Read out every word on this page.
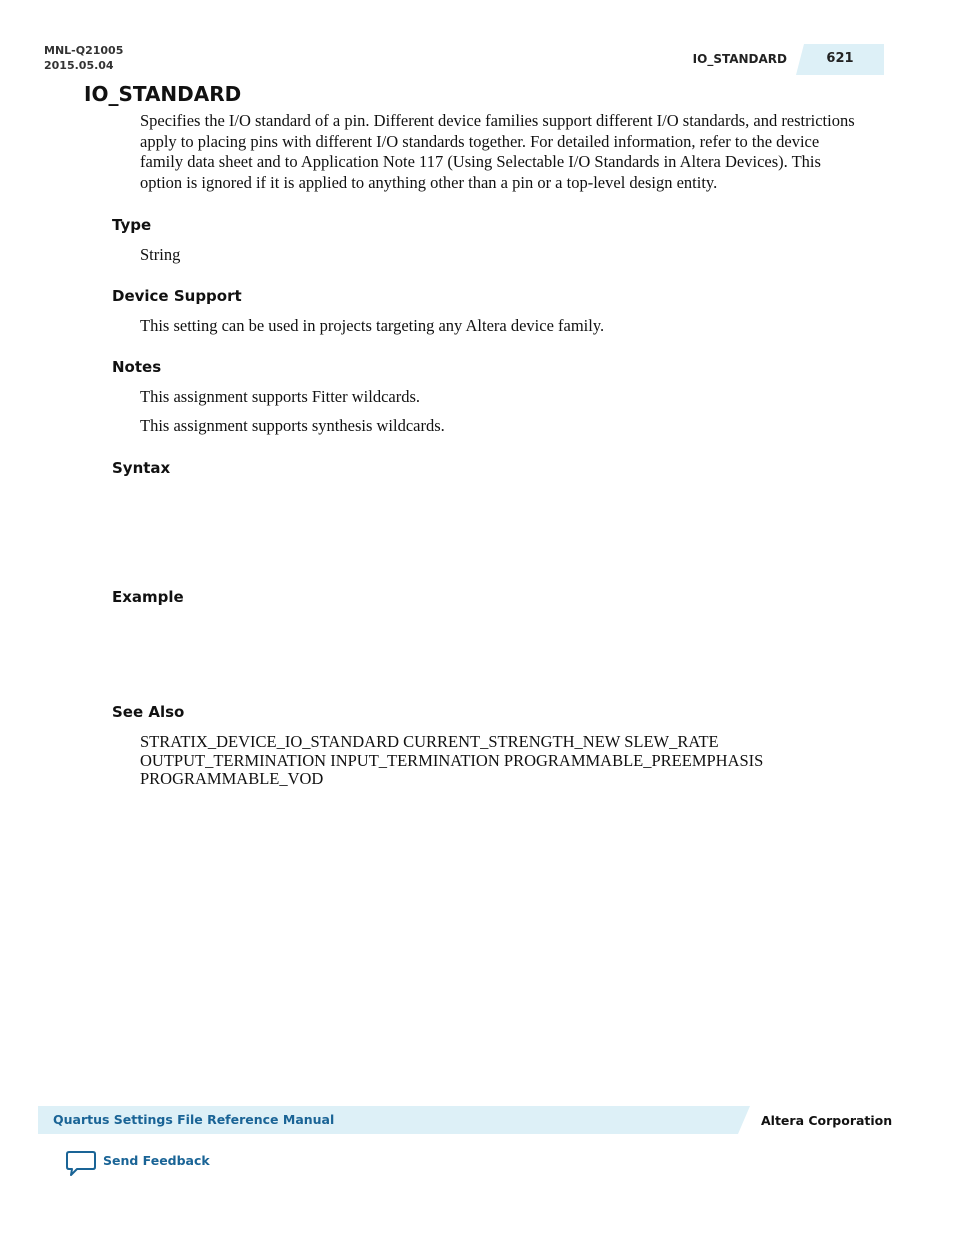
MNL-Q21005
2015.05.04	IO_STANDARD	621
IO_STANDARD

Specifies the I/O standard of a pin. Different device families support different I/O standards, and restrictions apply to placing pins with different I/O standards together. For detailed information, refer to the device family data sheet and to Application Note 117 (Using Selectable I/O Standards in Altera Devices). This option is ignored if it is applied to anything other than a pin or a top-level design entity.

Type

String

Device Support

This setting can be used in projects targeting any Altera device family.

Notes

This assignment supports Fitter wildcards.

This assignment supports synthesis wildcards.

Syntax
Example
See Also
STRATIX_DEVICE_IO_STANDARD CURRENT_STRENGTH_NEW SLEW_RATE
OUTPUT_TERMINATION INPUT_TERMINATION PROGRAMMABLE_PREEMPHASIS
PROGRAMMABLE_VOD
Quartus Settings File Reference Manual	Altera Corporation
Send Feedback
